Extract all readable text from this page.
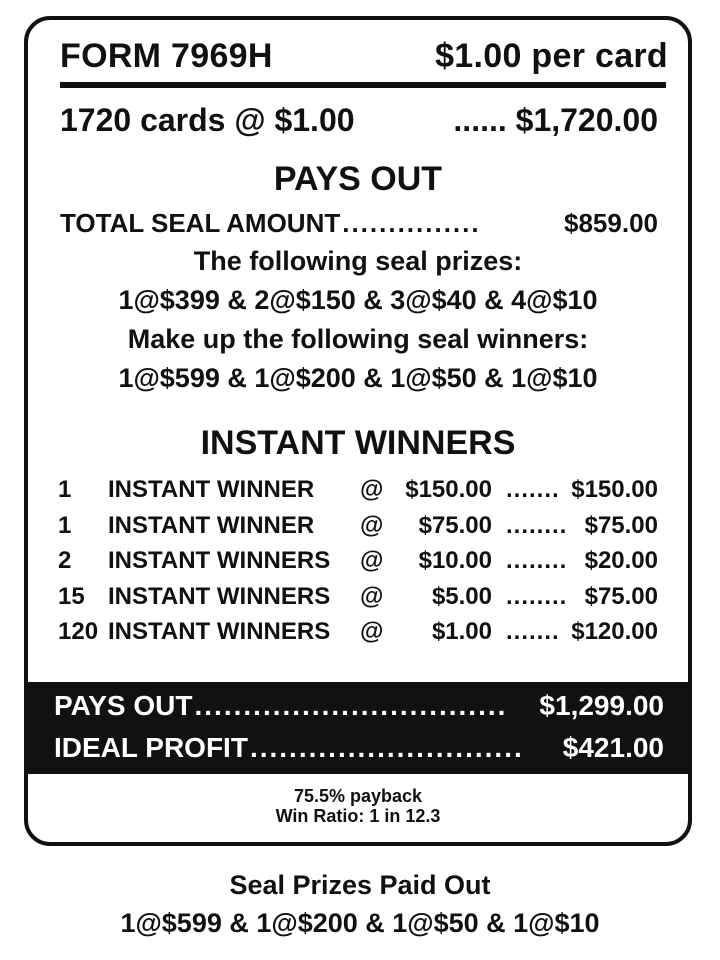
FORM 7969H	$1.00 per card
1720 cards @ $1.00	...... $1,720.00
PAYS OUT
TOTAL SEAL AMOUNT ...............	$859.00
The following seal prizes:
1@$399 & 2@$150 & 3@$40 & 4@$10
Make up the following seal winners:
1@$599 & 1@$200 & 1@$50 & 1@$10
INSTANT WINNERS
1 INSTANT WINNER @ $150.00 ....... $150.00
1 INSTANT WINNER @ $75.00 ........ $75.00
2 INSTANT WINNERS @ $10.00 ........ $20.00
15 INSTANT WINNERS @ $5.00 ........ $75.00
120 INSTANT WINNERS @ $1.00 ....... $120.00
PAYS OUT ................................	$1,299.00
IDEAL PROFIT ............................	$421.00
75.5% payback
Win Ratio: 1 in 12.3
Seal Prizes Paid Out
1@$599 & 1@$200 & 1@$50 & 1@$10
